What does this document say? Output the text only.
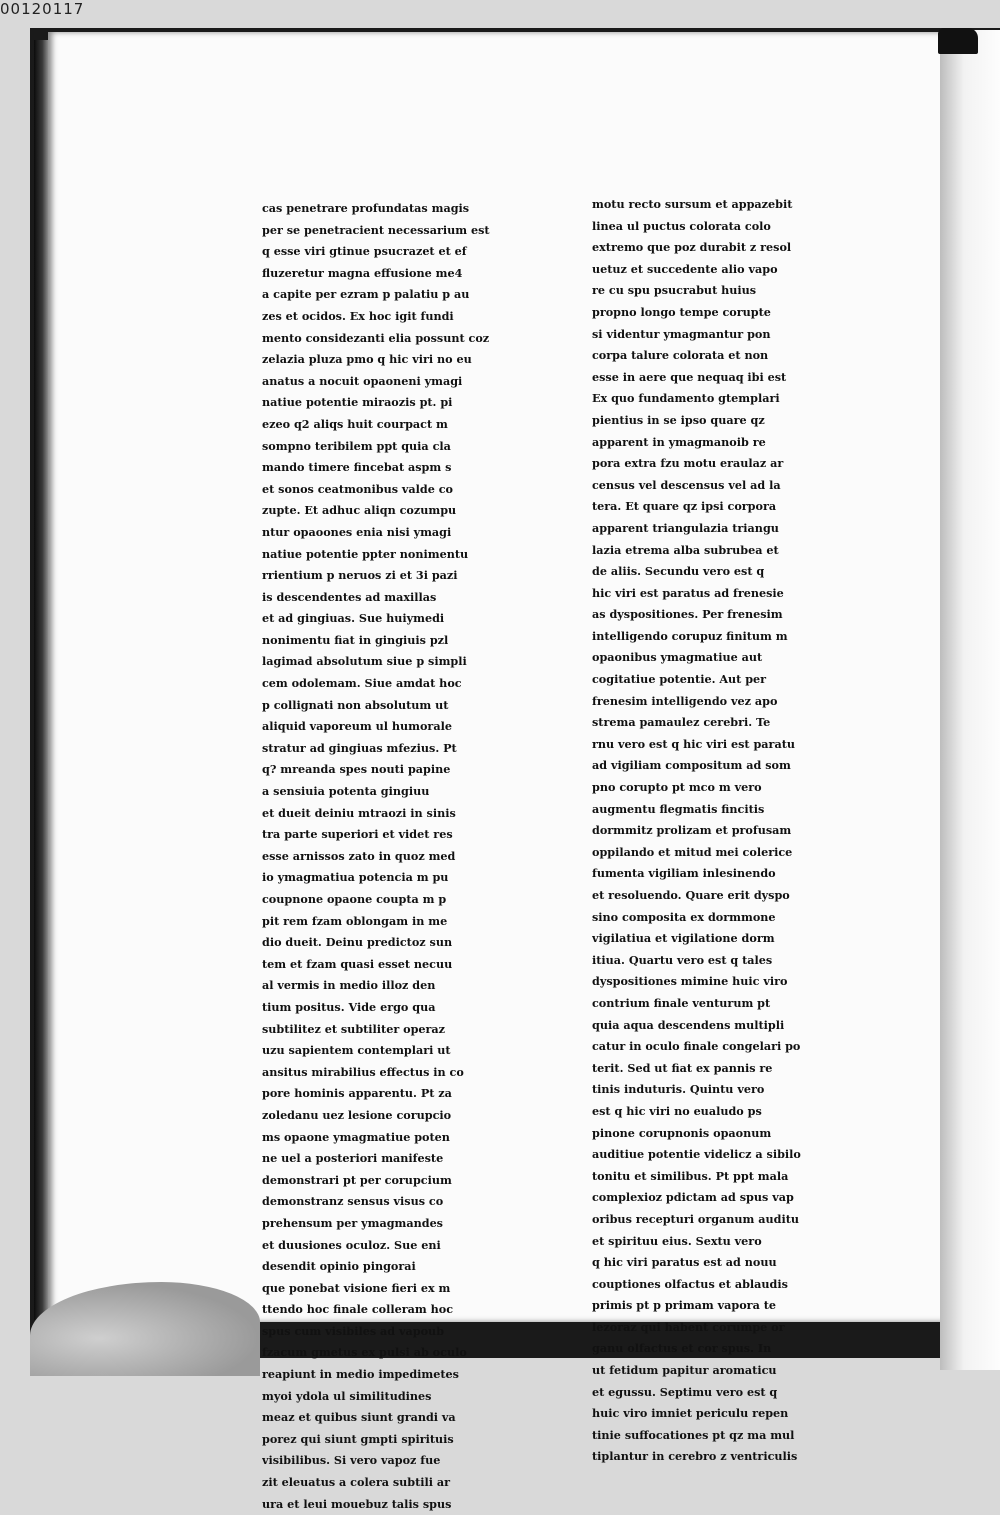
00120117
cas penetrare profundatas magis
per se penetracient necessarium est
q esse viri gtinue psucrazet et ef
fluzeretur magna effusione me4
a capite per ezram p palatiu p au
zes et ocidos. Ex hoc igit fundi
mento considezanti elia possunt coz
zelazia pluza pmo q hic viri no eu
anatus a nocuit opaoneni ymagi
natiue potentie miraozis pt. pi
ezeo q2 aliqs huit courpact m
sompno teribilem ppt quia cla
mando timere fincebat aspm s
et sonos ceatmonibus valde co
zupte. Et adhuc aliqn cozumpu
ntur opaoones enia nisi ymagi
natiue potentie ppter nonimentu
rrientium p neruos zi et 3i pazi
is descendentes ad maxillas
et ad gingiuas. Sue huiymedi
nonimentu fiat in gingiuis pzl
lagimad absolutum siue p simpli
cem odolemam. Siue amdat hoc
p collignati non absolutum ut
aliquid vaporeum ul humorale
stratur ad gingiuas mfezius. Pt
q? mreanda spes nouti papine
a sensiuia potenta gingiuu
et dueit deiniu mtraozi in sinis
tra parte superiori et videt res
esse arnissos zato in quoz med
io ymagmatiua potencia m pu
coupnone opaone coupta m p
pit rem fzam oblongam in me
dio dueit. Deinu predictoz sun
tem et fzam quasi esset necuu
al vermis in medio illoz den
tium positus. Vide ergo qua
subtilitez et subtiliter operaz
uzu sapientem contemplari ut
ansitus mirabilius effectus in co
pore hominis apparentu. Pt za
zoledanu uez lesione corupcio
ms opaone ymagmatiue poten
ne uel a posteriori manifeste
demonstrari pt per corupcium
demonstranz sensus visus co
prehensum per ymagmandes
et duusiones oculoz. Sue eni
desendit opinio pingorai
que ponebat visione fieri ex m
ttendo hoc finale colleram hoc
spus cum visibiles ad vapoub
fzacum gmetus ex pulsi ab oculo
reapiunt in medio impedimetes
myoi ydola ul similitudines
meaz et quibus siunt grandi va
porez qui siunt gmpti spirituis
visibilibus. Si vero vapoz fue
zit eleuatus a colera subtili ar
ura et leui mouebuz talis spus
motu recto sursum et appazebit
linea ul puctus colorata colo
extremo que poz durabit z resol
uetuz et succedente alio vapo
re cu spu psucrabut huius
propno longo tempe corupte
si videntur ymagmantur pon
corpa talure colorata et non
esse in aere que nequaq ibi est
Ex quo fundamento gtemplari
pientius in se ipso quare qz
apparent in ymagmanoib re
pora extra fzu motu eraulaz ar
census vel descensus vel ad la
tera. Et quare qz ipsi corpora
apparent triangulazia triangu
lazia etrema alba subrubea et
de aliis. Secundu vero est q
hic viri est paratus ad frenesie
as dyspositiones. Per frenesim
intelligendo corupuz finitum m
opaonibus ymagmatiue aut
cogitatiue potentie. Aut per
frenesim intelligendo vez apo
strema pamaulez cerebri. Te
rnu vero est q hic viri est paratu
ad vigiliam compositum ad som
pno corupto pt mco m vero
augmentu flegmatis fincitis
dormmitz prolizam et profusam
oppilando et mitud mei colerice
fumenta vigiliam inlesinendo
et resoluendo. Quare erit dyspo
sino composita ex dormmone
vigilatiua et vigilatione dorm
itiua. Quartu vero est q tales
dyspositiones mimine huic viro
contrium finale venturum pt
quia aqua descendens multipli
catur in oculo finale congelari po
terit. Sed ut fiat ex pannis re
tinis induturis. Quintu vero
est q hic viri no eualudo ps
pinone corupnonis opaonum
auditiue potentie videlicz a sibilo
tonitu et similibus. Pt ppt mala
complexioz pdictam ad spus vap
oribus recepturi organum auditu
et spirituu eius. Sextu vero
q hic viri paratus est ad nouu
couptiones olfactus et ablaudis
primis pt p primam vapora te
lezoraz qui habent corumpe or
ganu olfactus et cor spus. In
ut fetidum papitur aromaticu
et egussu. Septimu vero est q
huic viro imniet periculu repen
tinie suffocationes pt qz ma mul
tiplantur in cerebro z ventriculis
